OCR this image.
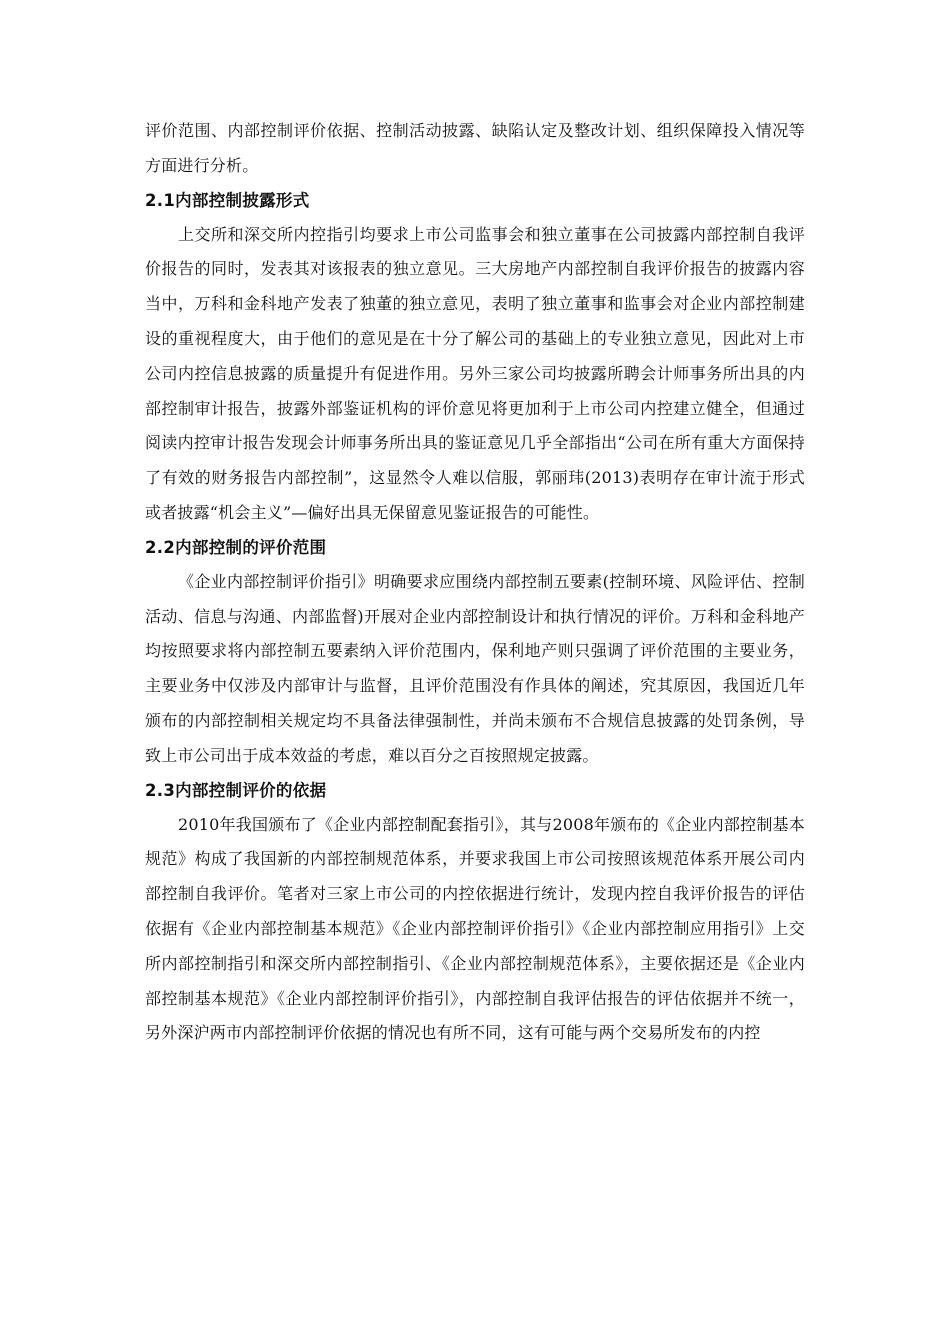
评价范围、内部控制评价依据、控制活动披露、缺陷认定及整改计划、组织保障投入情况等方面进行分析。

2.1内部控制披露形式

上交所和深交所内控指引均要求上市公司监事会和独立董事在公司披露内部控制自我评价报告的同时，发表其对该报表的独立意见。三大房地产内部控制自我评价报告的披露内容当中，万科和金科地产发表了独董的独立意见，表明了独立董事和监事会对企业内部控制建设的重视程度大，由于他们的意见是在十分了解公司的基础上的专业独立意见，因此对上市公司内控信息披露的质量提升有促进作用。另外三家公司均披露所聘会计师事务所出具的内部控制审计报告，披露外部鉴证机构的评价意见将更加利于上市公司内控建立健全，但通过阅读内控审计报告发现会计师事务所出具的鉴证意见几乎全部指出“公司在所有重大方面保持了有效的财务报告内部控制”，这显然令人难以信服，郭丽玮(2013)表明存在审计流于形式或者披露“机会主义”—偏好出具无保留意见鉴证报告的可能性。

2.2内部控制的评价范围

《企业内部控制评价指引》明确要求应围绕内部控制五要素(控制环境、风险评估、控制活动、信息与沟通、内部监督)开展对企业内部控制设计和执行情况的评价。万科和金科地产均按照要求将内部控制五要素纳入评价范围内，保利地产则只强调了评价范围的主要业务，主要业务中仅涉及内部审计与监督，且评价范围没有作具体的阐述，究其原因，我国近几年颁布的内部控制相关规定均不具备法律强制性，并尚未颁布不合规信息披露的处罚条例，导致上市公司出于成本效益的考虑，难以百分之百按照规定披露。

2.3内部控制评价的依据

2010年我国颁布了《企业内部控制配套指引》，其与2008年颁布的《企业内部控制基本规范》构成了我国新的内部控制规范体系，并要求我国上市公司按照该规范体系开展公司内部控制自我评价。笔者对三家上市公司的内控依据进行统计，发现内控自我评价报告的评估依据有《企业内部控制基本规范》《企业内部控制评价指引》《企业内部控制应用指引》上交所内部控制指引和深交所内部控制指引、《企业内部控制规范体系》，主要依据还是《企业内部控制基本规范》《企业内部控制评价指引》，内部控制自我评估报告的评估依据并不统一，另外深沪两市内部控制评价依据的情况也有所不同，这有可能与两个交易所发布的内控
